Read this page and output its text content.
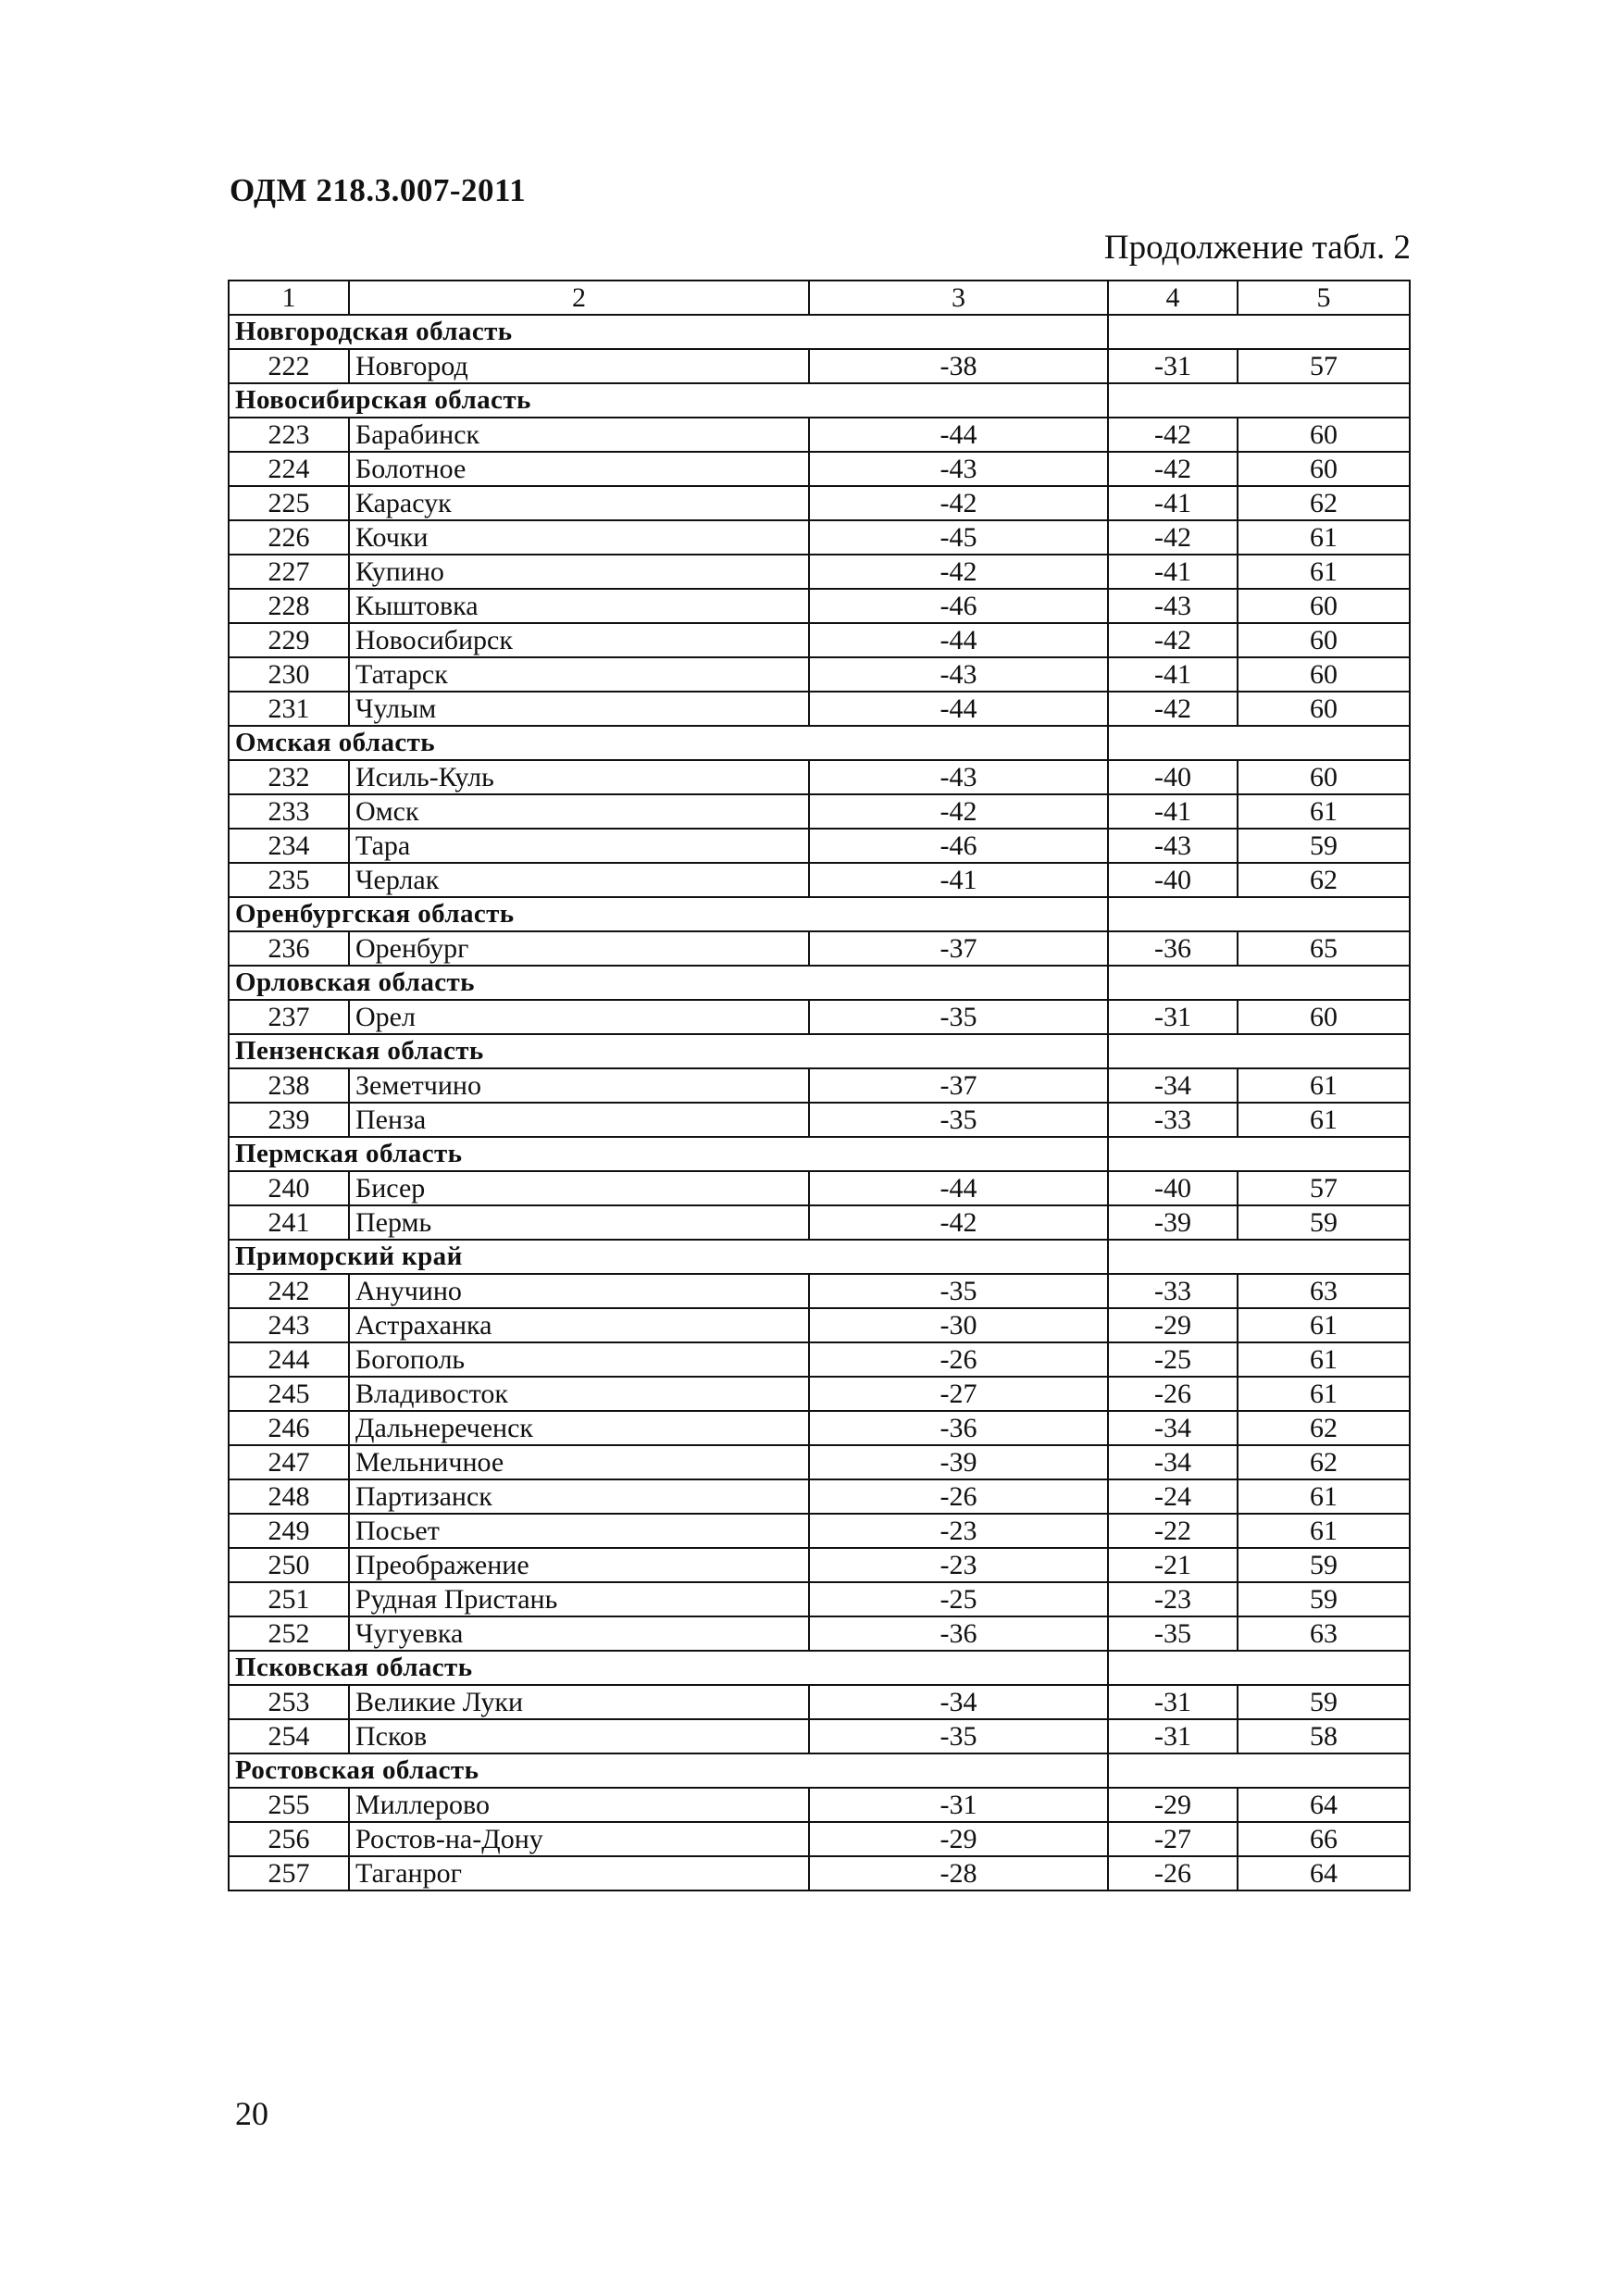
ОДМ 218.3.007-2011
Продолжение табл. 2
1	2	3	4	5
Новгородская область				
222	Новгород	-38	-31	57
Новосибирская область				
223	Барабинск	-44	-42	60
224	Болотное	-43	-42	60
225	Карасук	-42	-41	62
226	Кочки	-45	-42	61
227	Купино	-42	-41	61
228	Кыштовка	-46	-43	60
229	Новосибирск	-44	-42	60
230	Татарск	-43	-41	60
231	Чулым	-44	-42	60
Омская область				
232	Исиль-Куль	-43	-40	60
233	Омск	-42	-41	61
234	Тара	-46	-43	59
235	Черлак	-41	-40	62
Оренбургская область				
236	Оренбург	-37	-36	65
Орловская область				
237	Орел	-35	-31	60
Пензенская область				
238	Земетчино	-37	-34	61
239	Пенза	-35	-33	61
Пермская область				
240	Бисер	-44	-40	57
241	Пермь	-42	-39	59
Приморский край				
242	Анучино	-35	-33	63
243	Астраханка	-30	-29	61
244	Богополь	-26	-25	61
245	Владивосток	-27	-26	61
246	Дальнереченск	-36	-34	62
247	Мельничное	-39	-34	62
248	Партизанск	-26	-24	61
249	Посьет	-23	-22	61
250	Преображение	-23	-21	59
251	Рудная Пристань	-25	-23	59
252	Чугуевка	-36	-35	63
Псковская область				
253	Великие Луки	-34	-31	59
254	Псков	-35	-31	58
Ростовская область				
255	Миллерово	-31	-29	64
256	Ростов-на-Дону	-29	-27	66
257	Таганрог	-28	-26	64
20
